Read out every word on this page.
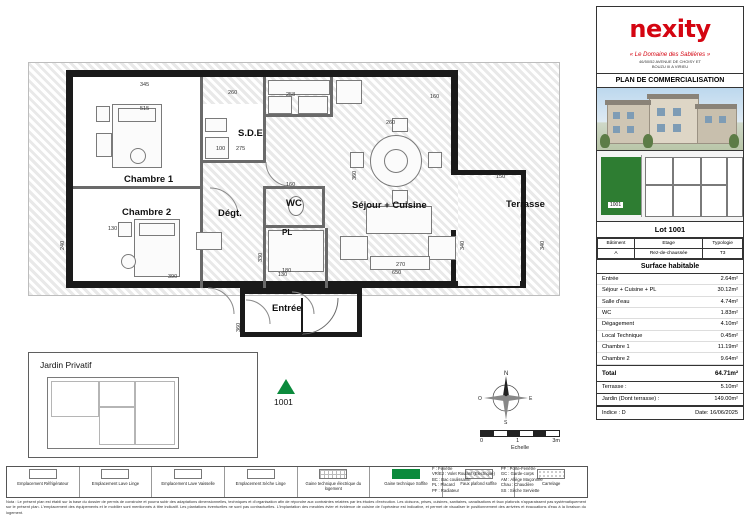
345
515
260	258
100 275
160
150
390	130	650
130
240	340	340
360
330
360
180
160
260
270
Chambre 1
Chambre 2
S.D.E
Dégt.
WC
PL
Séjour + Cuisine	Terrasse
Entrée
Jardin Privatif
1001
N
S
O	E
0	1	3m
Echelle
Emplacement Réfrigérateur	Emplacement Lave Linge	Emplacement Lave Vaisselle	Emplacement Sèche Linge	Gaine technique électrique du logement
Gaine technique Soffite	Faux plafond soffite	Carrelage
F : Fenêtre
VR/EJ : Volet Roulant (Electrique)
BC : Bac coulissante
PL : Placard
PF : Radiateur
PF : Porte-Fenêtre
GC : Garde-corps
AM : Allège Maçonnée
Chau : Chaudière
SS : Sèche Serviette
Nota : Le présent plan est établi sur la base du dossier de permis de construire et pourra subir des adaptations dimensionnelles, techniques et d'organisation afin de répondre aux contraintes relatées par les études d'exécution. Les cloisons, prises, cuisines, sanitaires, canalisations et faux plafonds n'apparaissent pas systématiquement sur le présent plan. L'emplacement des équipements et le mobilier sont mentionnés à titre indicatif. Les plantations éventuelles ne sont pas contractuelles. L'implantation des meubles évier et évidence de cuisine de l'opérateur est indicative, et permet de visualiser le positionnement des arrivées et évacuations d'eau à la livraison du logement.
nexity
« Le Domaine des Sablières »
46/50/52 AVENUE DE CHOISY ET
BOUZU III A VIRIEU
PLAN DE COMMERCIALISATION
1001
Lot 1001
Bâtiment	Etage	Typologie
A	Rez-de-chaussée	T3
Surface habitable
Entrée	2.64m²
Séjour + Cuisine + PL	30.12m²
Salle d'eau	4.74m²
WC	1.83m²
Dégagement	4.10m²
Local Technique	0.45m²
Chambre 1	11.19m²
Chambre 2	9.64m²
Total	64.71m²
Terrasse :	5.10m²
Jardin (Dont terrasse) :	149.00m²
Indice : D	Date: 16/06/2025
